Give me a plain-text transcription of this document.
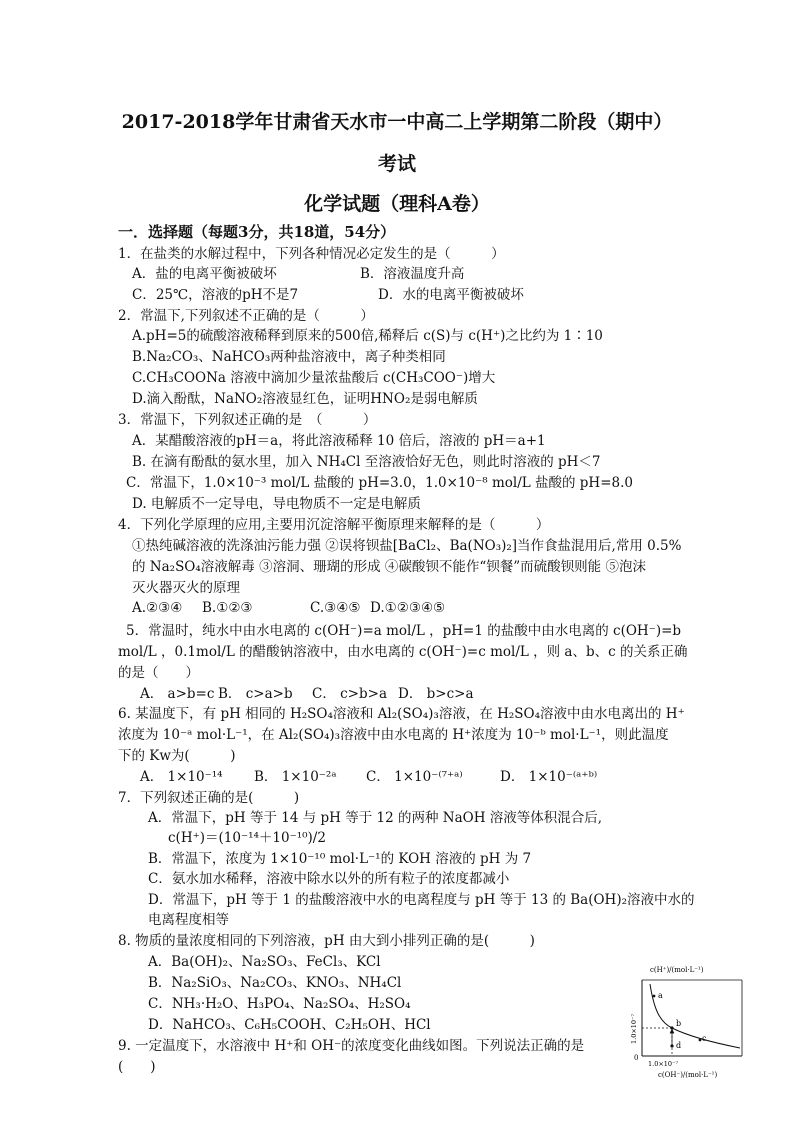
2017-2018学年甘肃省天水市一中高二上学期第二阶段（期中）
考试
化学试题（理科A卷）
一．选择题（每题3分，共18道，54分）
1．在盐类的水解过程中，下列各种情况必定发生的是（　　　）
A．盐的电离平衡被破坏	B．溶液温度升高
C．25℃，溶液的pH不是7	D．水的电离平衡被破坏
2．常温下,下列叙述不正确的是（　　　）
A.pH=5的硫酸溶液稀释到原来的500倍,稀释后 c(S)与 c(H⁺)之比约为 1∶10
B.Na₂CO₃、NaHCO₃两种盐溶液中，离子种类相同
C.CH₃COONa 溶液中滴加少量浓盐酸后 c(CH₃COO⁻)增大
D.滴入酚酞，NaNO₂溶液显红色，证明HNO₂是弱电解质
3．常温下，下列叙述正确的是　（　　　）
A．某醋酸溶液的pH＝a，将此溶液稀释 10 倍后，溶液的 pH＝a+1
B. 在滴有酚酞的氨水里，加入 NH₄Cl 至溶液恰好无色，则此时溶液的 pH＜7
C．常温下，1.0×10⁻³ mol/L 盐酸的 pH=3.0，1.0×10⁻⁸ mol/L 盐酸的 pH=8.0
D. 电解质不一定导电，导电物质不一定是电解质
4．下列化学原理的应用,主要用沉淀溶解平衡原理来解释的是（　　　）
①热纯碱溶液的洗涤油污能力强 ②误将钡盐[BaCl₂、Ba(NO₃)₂]当作食盐混用后,常用 0.5%
的 Na₂SO₄溶液解毒 ③溶洞、珊瑚的形成 ④碳酸钡不能作“钡餐”而硫酸钡则能 ⑤泡沫
灭火器灭火的原理
A.②③④ B.①②③	C.③④⑤ D.①②③④⑤
5．常温时，纯水中由水电离的 c(OH⁻)=a mol/L ，pH=1 的盐酸中由水电离的 c(OH⁻)=b
mol/L ，0.1mol/L 的醋酸钠溶液中，由水电离的 c(OH⁻)=c mol/L ，则 a、b、c 的关系正确
的是（　　）
A． a>b=c B． c>a>b C． c>b>a D． b>c>a
6. 某温度下，有 pH 相同的 H₂SO₄溶液和 Al₂(SO₄)₃溶液，在 H₂SO₄溶液中由水电离出的 H⁺
浓度为 10⁻ᵃ mol·L⁻¹，在 Al₂(SO₄)₃溶液中由水电离的 H⁺浓度为 10⁻ᵇ mol·L⁻¹，则此温度
下的 Kw为(　　　)
A． 1×10⁻¹⁴ B． 1×10⁻²ᵃ C． 1×10⁻⁽⁷⁺ᵃ⁾	D． 1×10⁻⁽ᵃ⁺ᵇ⁾
7．下列叙述正确的是(　　　)
A．常温下，pH 等于 14 与 pH 等于 12 的两种 NaOH 溶液等体积混合后,
c(H⁺)＝(10⁻¹⁴＋10⁻¹⁰)/2
B．常温下，浓度为 1×10⁻¹⁰ mol·L⁻¹的 KOH 溶液的 pH 为 7
C．氨水加水稀释，溶液中除水以外的所有粒子的浓度都减小
D．常温下，pH 等于 1 的盐酸溶液中水的电离程度与 pH 等于 13 的 Ba(OH)₂溶液中水的
电离程度相等
8. 物质的量浓度相同的下列溶液，pH 由大到小排列正确的是(　　　)
A．Ba(OH)₂、Na₂SO₃、FeCl₃、KCl
B．Na₂SiO₃、Na₂CO₃、KNO₃、NH₄Cl
C．NH₃·H₂O、H₃PO₄、Na₂SO₄、H₂SO₄
D．NaHCO₃、C₆H₅COOH、C₂H₅OH、HCl
9. 一定温度下，水溶液中 H⁺和 OH⁻的浓度变化曲线如图。下列说法正确的是
(　　)
c(H⁺)/(mol·L⁻¹)
a
b
c
d
0
1.0×10⁻⁷
1.0×10⁻⁷
c(OH⁻)/(mol·L⁻¹)
